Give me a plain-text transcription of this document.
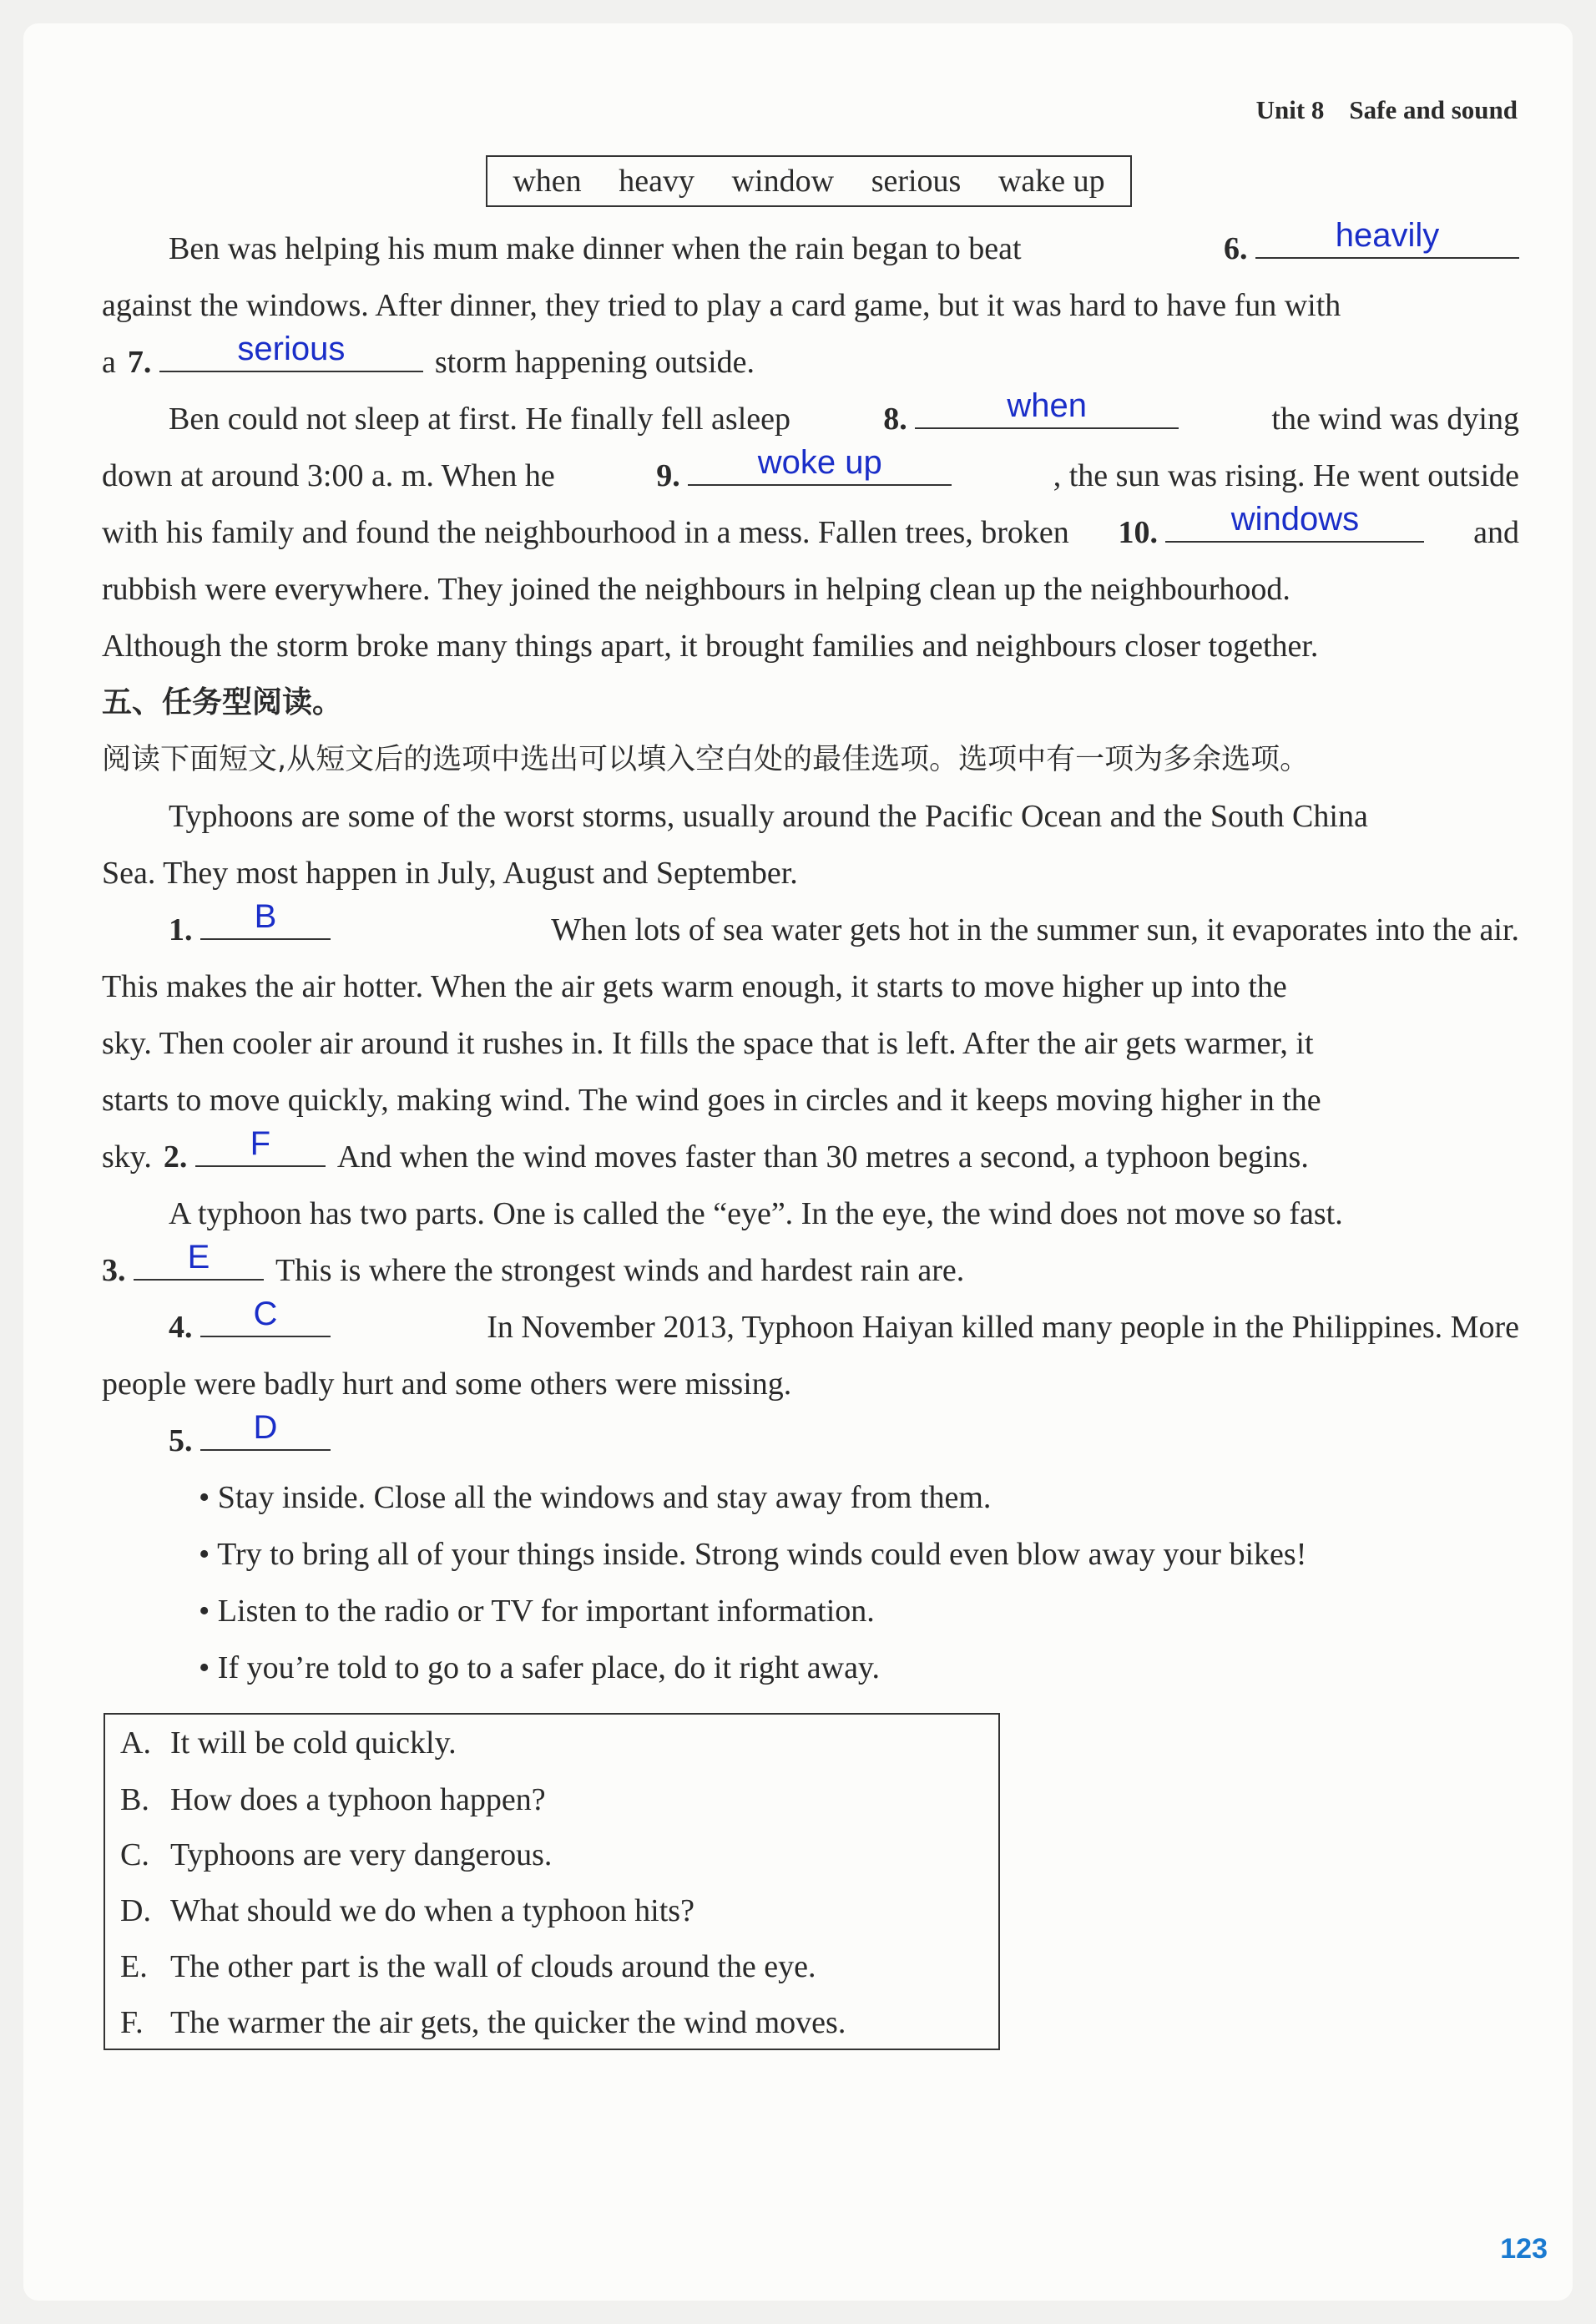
Unit 8 Safe and sound
when heavy window serious wake up
Ben was helping his mum make dinner when the rain began to beat	6.	heavily
against the windows. After dinner, they tried to play a card game, but it was hard to have fun with
a 7.	serious	storm happening outside.
Ben could not sleep at first. He finally fell asleep	8.	when	the wind was dying
down at around 3:00 a. m. When he	9.	woke up	, the sun was rising. He went outside
with his family and found the neighbourhood in a mess. Fallen trees, broken 10.	windows	and
rubbish were everywhere. They joined the neighbours in helping clean up the neighbourhood.
Although the storm broke many things apart, it brought families and neighbours closer together.
五、任务型阅读。
阅读下面短文,从短文后的选项中选出可以填入空白处的最佳选项。选项中有一项为多余选项。
Typhoons are some of the worst storms, usually around the Pacific Ocean and the South China
Sea. They most happen in July, August and September.
1.	B	When lots of sea water gets hot in the summer sun, it evaporates into the air.
This makes the air hotter. When the air gets warm enough, it starts to move higher up into the
sky. Then cooler air around it rushes in. It fills the space that is left. After the air gets warmer, it
starts to move quickly, making wind. The wind goes in circles and it keeps moving higher in the
sky. 2.	F	And when the wind moves faster than 30 metres a second, a typhoon begins.
A typhoon has two parts. One is called the “eye”. In the eye, the wind does not move so fast.
3.	E	This is where the strongest winds and hardest rain are.
4.	C	In November 2013, Typhoon Haiyan killed many people in the Philippines. More
people were badly hurt and some others were missing.
5.	D
• Stay inside. Close all the windows and stay away from them.
• Try to bring all of your things inside. Strong winds could even blow away your bikes!
• Listen to the radio or TV for important information.
• If you’re told to go to a safer place, do it right away.
A. It will be cold quickly.
B. How does a typhoon happen?
C. Typhoons are very dangerous.
D. What should we do when a typhoon hits?
E. The other part is the wall of clouds around the eye.
F. The warmer the air gets, the quicker the wind moves.
123
